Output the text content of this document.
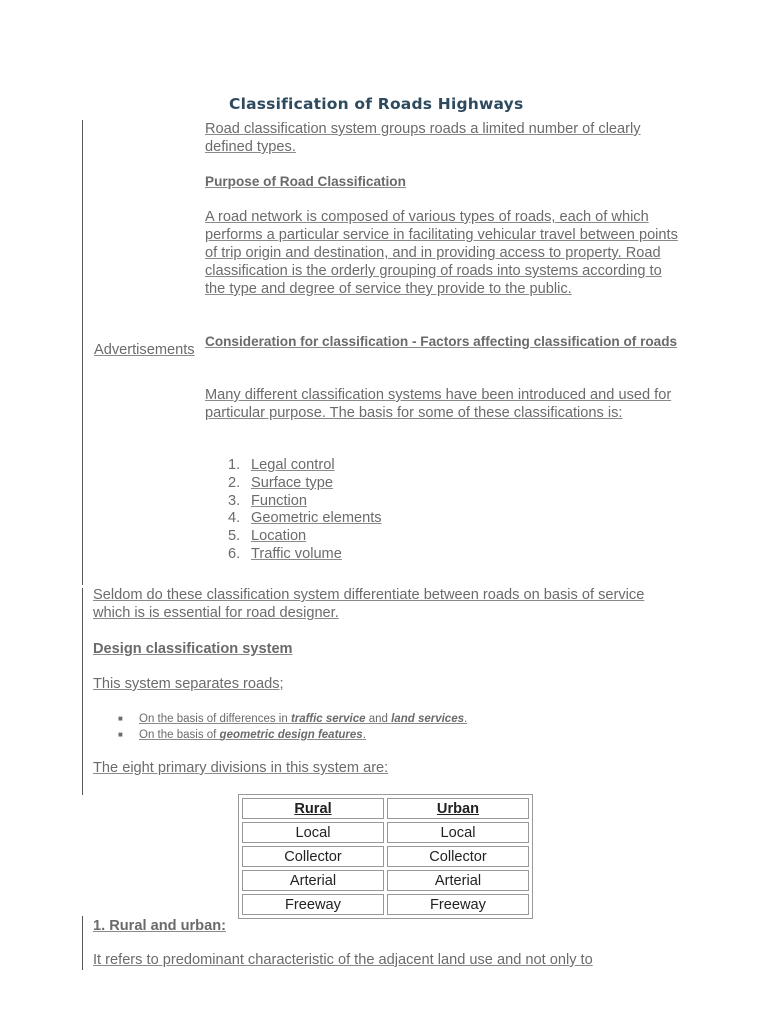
Classification of Roads Highways

Road classification system groups roads a limited number of clearly defined types.

Purpose of Road Classification

A road network is composed of various types of roads, each of which performs a particular service in facilitating vehicular travel between points of trip origin and destination, and in providing access to property. Road classification is the orderly grouping of roads into systems according to the type and degree of service they provide to the public.

Advertisements

Consideration for classification - Factors affecting classification of roads

Many different classification systems have been introduced and used for particular purpose. The basis for some of these classifications is:

1. Legal control
2. Surface type
3. Function
4. Geometric elements
5. Location
6. Traffic volume
Seldom do these classification system differentiate between roads on basis of service which is is essential for road designer.
Design classification system
This system separates roads;
■ On the basis of differences in traffic service and land services.
■ On the basis of geometric design features.
The eight primary divisions in this system are:
Rural	Urban
Local	Local
Collector	Collector
Arterial	Arterial
Freeway	Freeway
1. Rural and urban:
It refers to predominant characteristic of the adjacent land use and not only to
